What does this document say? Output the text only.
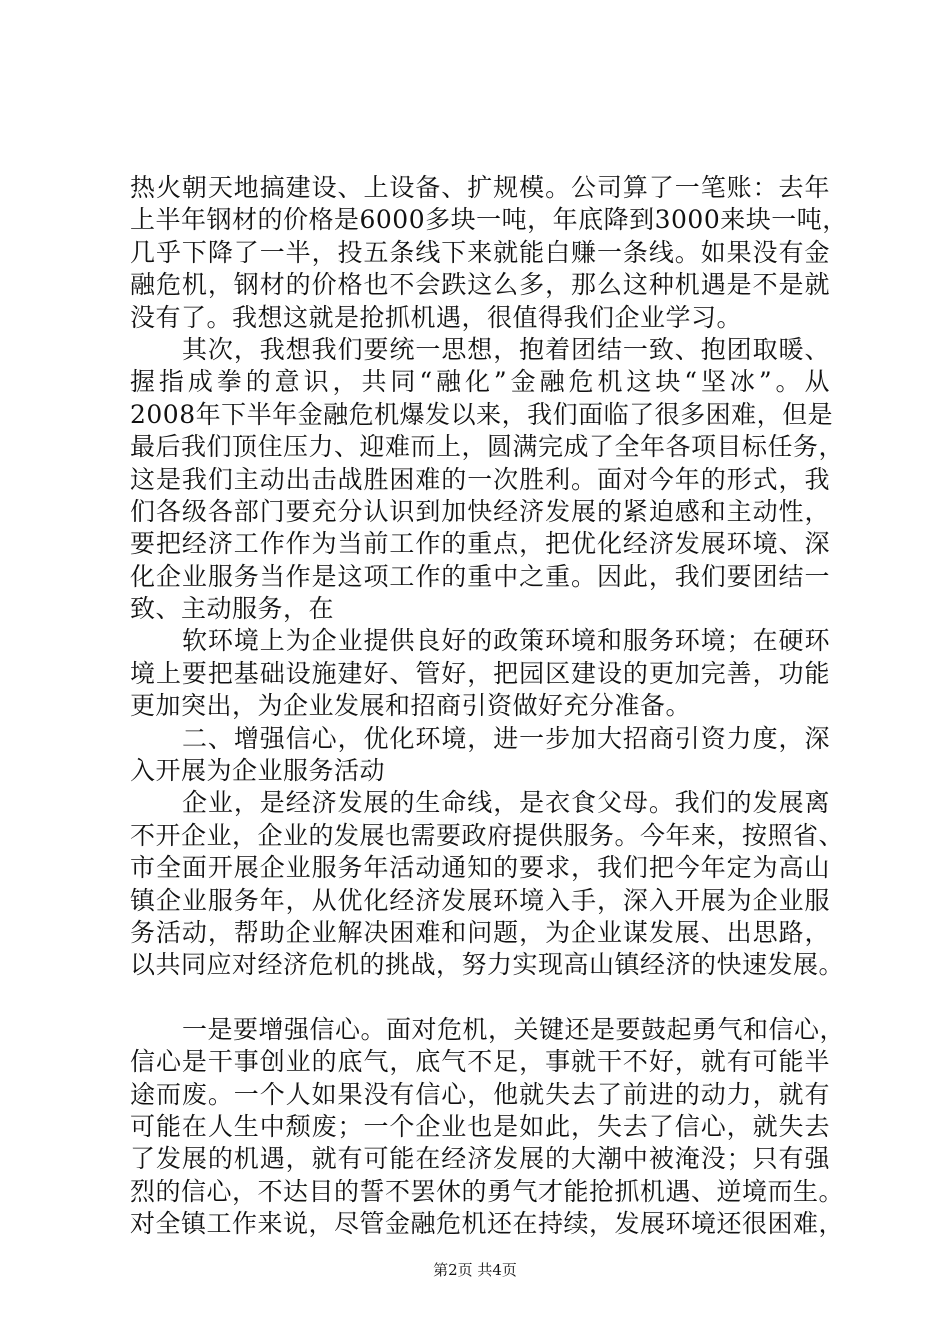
热火朝天地搞建设、上设备、扩规模。公司算了一笔账：去年
上半年钢材的价格是6000多块一吨，年底降到3000来块一吨，
几乎下降了一半，投五条线下来就能白赚一条线。如果没有金
融危机，钢材的价格也不会跌这么多，那么这种机遇是不是就
没有了。我想这就是抢抓机遇，很值得我们企业学习。
其次，我想我们要统一思想，抱着团结一致、抱团取暖、
握指成拳的意识，共同“融化”金融危机这块“坚冰”。从
2008年下半年金融危机爆发以来，我们面临了很多困难，但是
最后我们顶住压力、迎难而上，圆满完成了全年各项目标任务，
这是我们主动出击战胜困难的一次胜利。面对今年的形式，我
们各级各部门要充分认识到加快经济发展的紧迫感和主动性，
要把经济工作作为当前工作的重点，把优化经济发展环境、深
化企业服务当作是这项工作的重中之重。因此，我们要团结一
致、主动服务，在
软环境上为企业提供良好的政策环境和服务环境；在硬环
境上要把基础设施建好、管好，把园区建设的更加完善，功能
更加突出，为企业发展和招商引资做好充分准备。
二、增强信心，优化环境，进一步加大招商引资力度，深
入开展为企业服务活动
企业，是经济发展的生命线，是衣食父母。我们的发展离
不开企业，企业的发展也需要政府提供服务。今年来，按照省、
市全面开展企业服务年活动通知的要求，我们把今年定为高山
镇企业服务年，从优化经济发展环境入手，深入开展为企业服
务活动，帮助企业解决困难和问题，为企业谋发展、出思路，
以共同应对经济危机的挑战，努力实现高山镇经济的快速发展。
一是要增强信心。面对危机，关键还是要鼓起勇气和信心，
信心是干事创业的底气，底气不足，事就干不好，就有可能半
途而废。一个人如果没有信心，他就失去了前进的动力，就有
可能在人生中颓废；一个企业也是如此，失去了信心，就失去
了发展的机遇，就有可能在经济发展的大潮中被淹没；只有强
烈的信心，不达目的誓不罢休的勇气才能抢抓机遇、逆境而生。
对全镇工作来说，尽管金融危机还在持续，发展环境还很困难，
第2页 共4页
